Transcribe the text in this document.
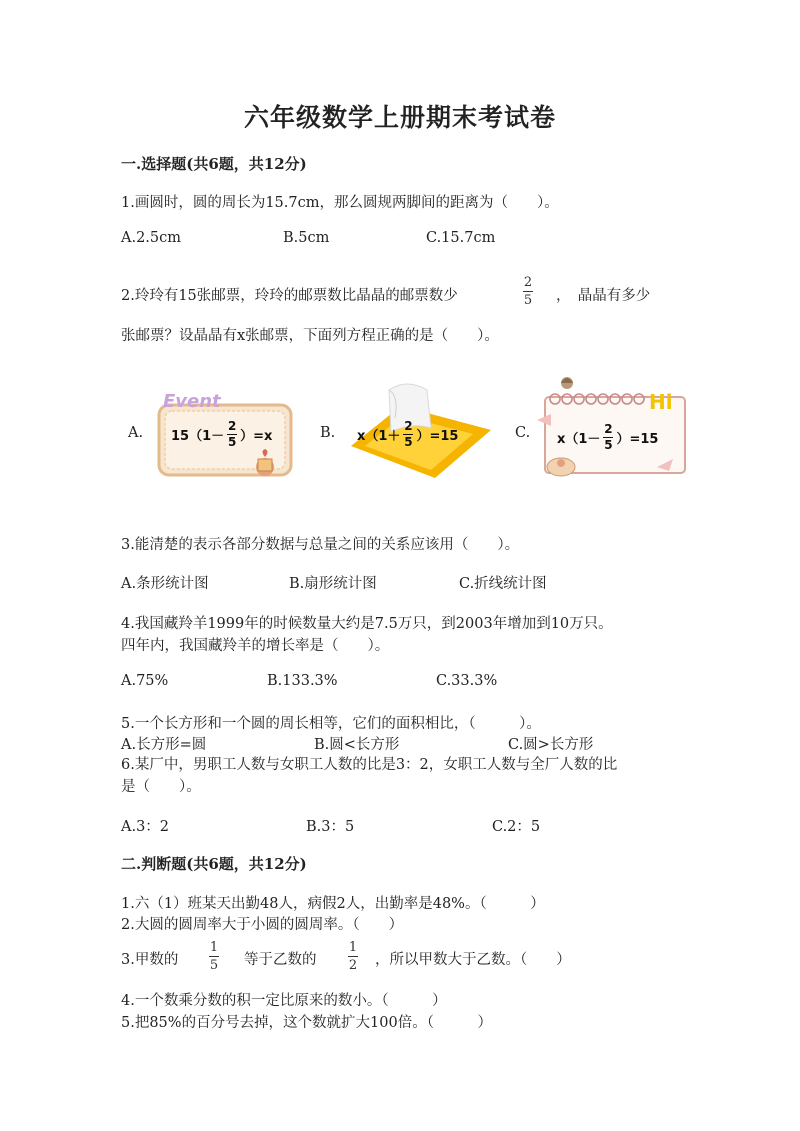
六年级数学上册期末考试卷
一.选择题(共6题，共12分)
1.画圆时，圆的周长为15.7cm，那么圆规两脚间的距离为（　　）。
A.2.5cm	B.5cm	C.15.7cm
2.玲玲有15张邮票，玲玲的邮票数比晶晶的邮票数少	$\frac{2}{5}$ ，　晶晶有多少
张邮票？设晶晶有x张邮票，下面列方程正确的是（　　）。
A.
Event
15（1－
2
5 ）=x	B. x（1＋
2
5 ）=15	C.
Hi
x（1－
2
5 ）=15
3.能清楚的表示各部分数据与总量之间的关系应该用（　　）。
A.条形统计图	B.扇形统计图	C.折线统计图
4.我国藏羚羊1999年的时候数量大约是7.5万只，到2003年增加到10万只。
四年内，我国藏羚羊的增长率是（　　）。
A.75%	B.133.3%	C.33.3%
5.一个长方形和一个圆的周长相等，它们的面积相比，（　　　）。
A.长方形=圆	B.圆<长方形	C.圆>长方形
6.某厂中，男职工人数与女职工人数的比是3：2，女职工人数与全厂人数的比
是（　　）。
A.3：2	B.3：5	C.2：5
二.判断题(共6题，共12分)
1.六（1）班某天出勤48人，病假2人，出勤率是48%。（　　　）
2.大圆的圆周率大于小圆的圆周率。（　　）
3.甲数的 $\frac{1}{5}$ 等于乙数的 $\frac{1}{2}$ ，所以甲数大于乙数。（　　）
4.一个数乘分数的积一定比原来的数小。（　　　）
5.把85%的百分号去掉，这个数就扩大100倍。（　　　）
